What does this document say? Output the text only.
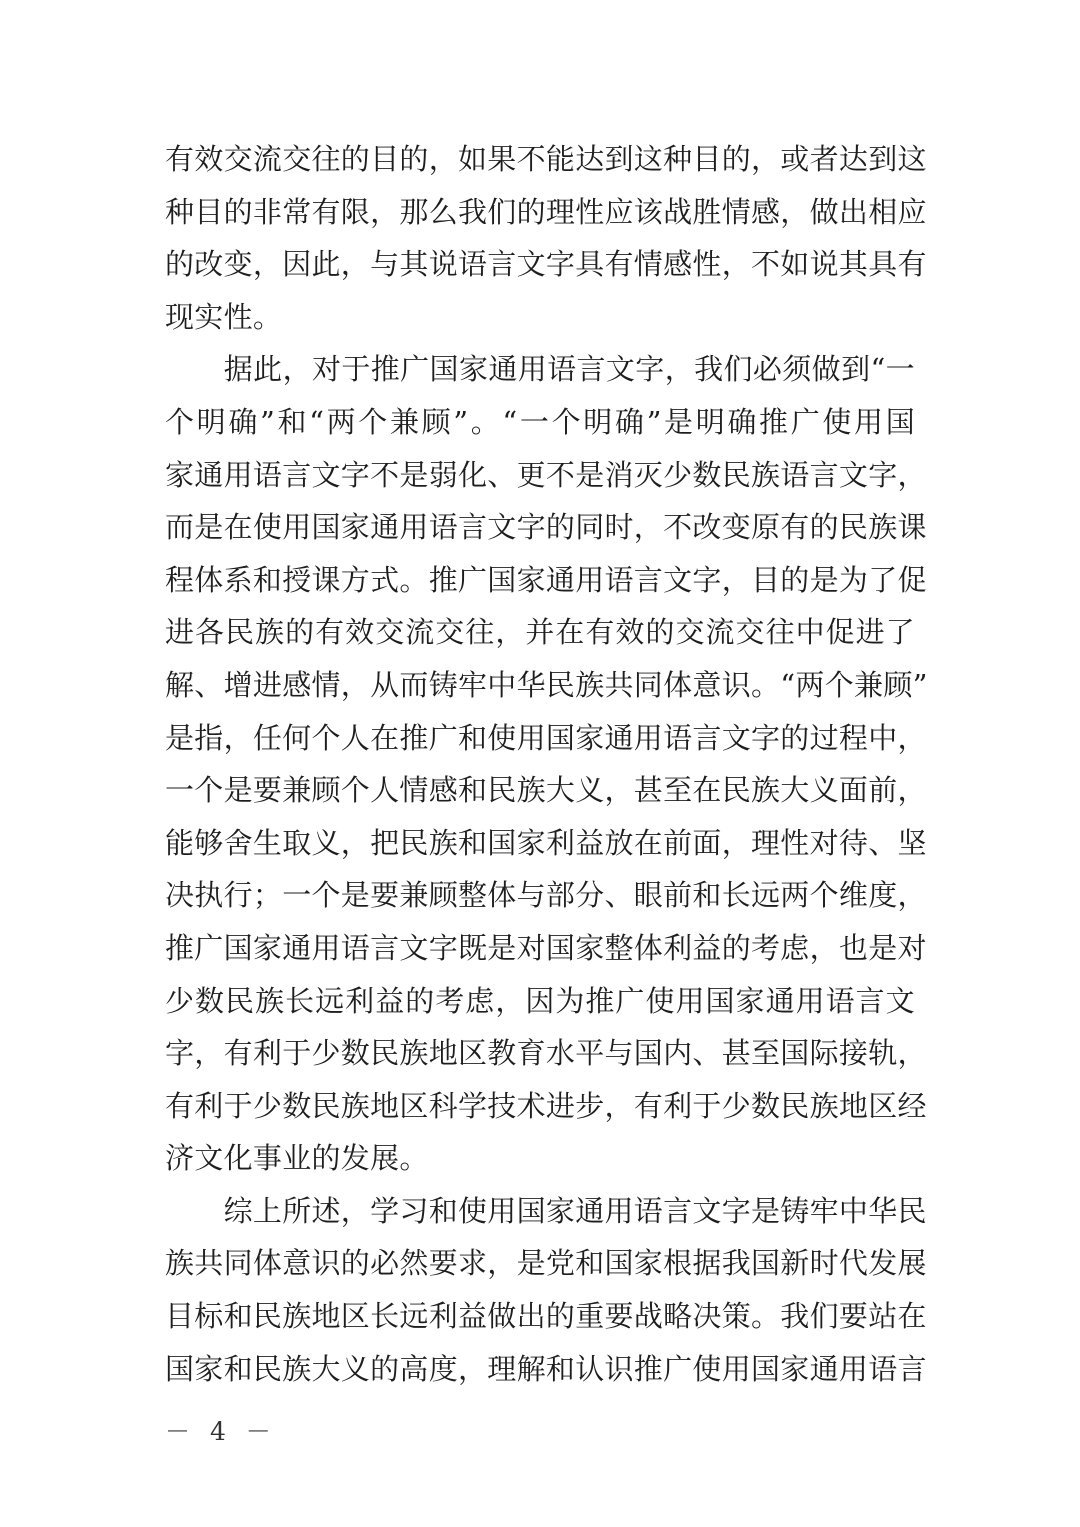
有效交流交往的目的，如果不能达到这种目的，或者达到这
种目的非常有限，那么我们的理性应该战胜情感，做出相应
的改变，因此，与其说语言文字具有情感性，不如说其具有
现实性。
　　据此，对于推广国家通用语言文字，我们必须做到“一
个明确”和“两个兼顾”。“一个明确”是明确推广使用国
家通用语言文字不是弱化、更不是消灭少数民族语言文字，
而是在使用国家通用语言文字的同时，不改变原有的民族课
程体系和授课方式。推广国家通用语言文字，目的是为了促
进各民族的有效交流交往，并在有效的交流交往中促进了
解、增进感情，从而铸牢中华民族共同体意识。“两个兼顾”
是指，任何个人在推广和使用国家通用语言文字的过程中，
一个是要兼顾个人情感和民族大义，甚至在民族大义面前，
能够舍生取义，把民族和国家利益放在前面，理性对待、坚
决执行；一个是要兼顾整体与部分、眼前和长远两个维度，
推广国家通用语言文字既是对国家整体利益的考虑，也是对
少数民族长远利益的考虑，因为推广使用国家通用语言文
字，有利于少数民族地区教育水平与国内、甚至国际接轨，
有利于少数民族地区科学技术进步，有利于少数民族地区经
济文化事业的发展。
　　综上所述，学习和使用国家通用语言文字是铸牢中华民
族共同体意识的必然要求，是党和国家根据我国新时代发展
目标和民族地区长远利益做出的重要战略决策。我们要站在
国家和民族大义的高度，理解和认识推广使用国家通用语言
－ 4 －
